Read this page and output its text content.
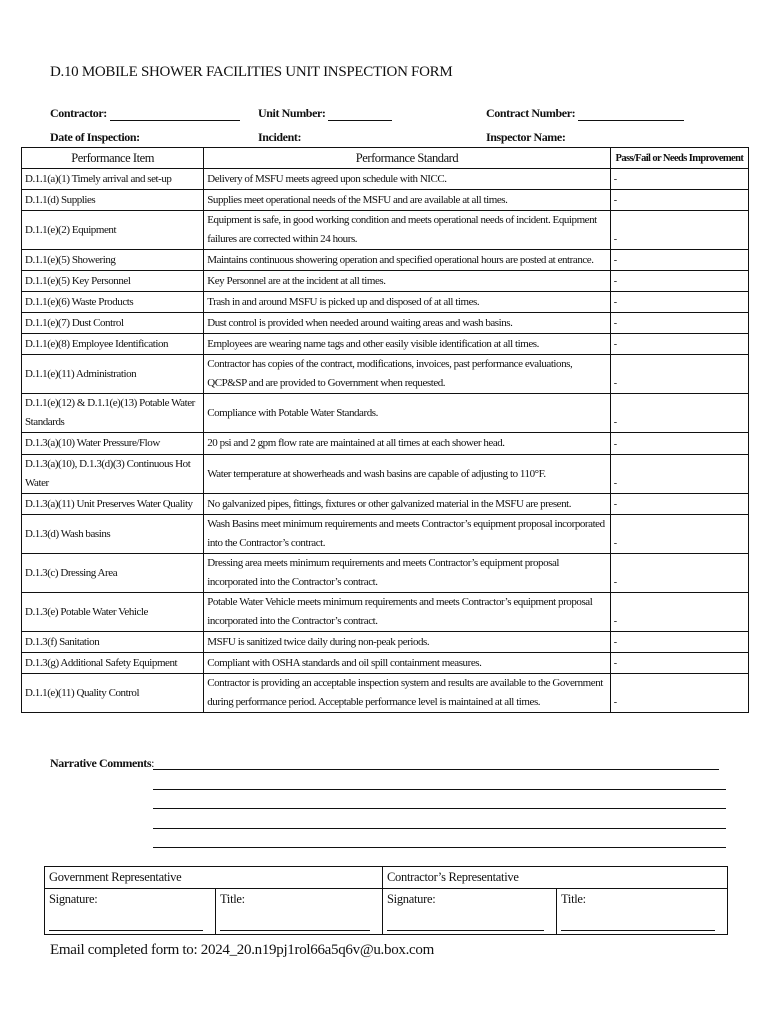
D.10 MOBILE SHOWER FACILITIES UNIT INSPECTION FORM
Contractor:	Unit Number:	Contract Number:
Date of Inspection:	Incident:	Inspector Name:
Performance Item	Performance Standard	Pass/Fail or Needs Improvement
D.1.1(a)(1) Timely arrival and set-up	Delivery of MSFU meets agreed upon schedule with NICC.	-
D.1.1(d) Supplies	Supplies meet operational needs of the MSFU and are available at all times.	-
D.1.1(e)(2) Equipment	Equipment is safe, in good working condition and meets operational needs of incident. Equipment failures are corrected within 24 hours.	-
D.1.1(e)(5) Showering	Maintains continuous showering operation and specified operational hours are posted at entrance.	-
D.1.1(e)(5) Key Personnel	Key Personnel are at the incident at all times.	-
D.1.1(e)(6) Waste Products	Trash in and around MSFU is picked up and disposed of at all times.	-
D.1.1(e)(7) Dust Control	Dust control is provided when needed around waiting areas and wash basins.	-
D.1.1(e)(8) Employee Identification	Employees are wearing name tags and other easily visible identification at all times.	-
D.1.1(e)(11) Administration	Contractor has copies of the contract, modifications, invoices, past performance evaluations, QCP&SP and are provided to Government when requested.	-
D.1.1(e)(12) & D.1.1(e)(13) Potable Water Standards	Compliance with Potable Water Standards.	-
D.1.3(a)(10) Water Pressure/Flow	20 psi and 2 gpm flow rate are maintained at all times at each shower head.	-
D.1.3(a)(10), D.1.3(d)(3) Continuous Hot Water	Water temperature at showerheads and wash basins are capable of adjusting to 110°F.	-
D.1.3(a)(11) Unit Preserves Water Quality	No galvanized pipes, fittings, fixtures or other galvanized material in the MSFU are present.	-
D.1.3(d) Wash basins	Wash Basins meet minimum requirements and meets Contractor’s equipment proposal incorporated into the Contractor’s contract.	-
D.1.3(c) Dressing Area	Dressing area meets minimum requirements and meets Contractor’s equipment proposal incorporated into the Contractor’s contract.	-
D.1.3(e) Potable Water Vehicle	Potable Water Vehicle meets minimum requirements and meets Contractor’s equipment proposal incorporated into the Contractor’s contract.	-
D.1.3(f) Sanitation	MSFU is sanitized twice daily during non-peak periods.	-
D.1.3(g) Additional Safety Equipment	Compliant with OSHA standards and oil spill containment measures.	-
D.1.1(e)(11) Quality Control	Contractor is providing an acceptable inspection system and results are available to the Government during performance period. Acceptable performance level is maintained at all times.	-
Narrative Comments:
Government Representative		Contractor’s Representative	
Signature:	Title:	Signature:	Title:
Email completed form to: 2024_20.n19pj1rol66a5q6v@u.box.com
